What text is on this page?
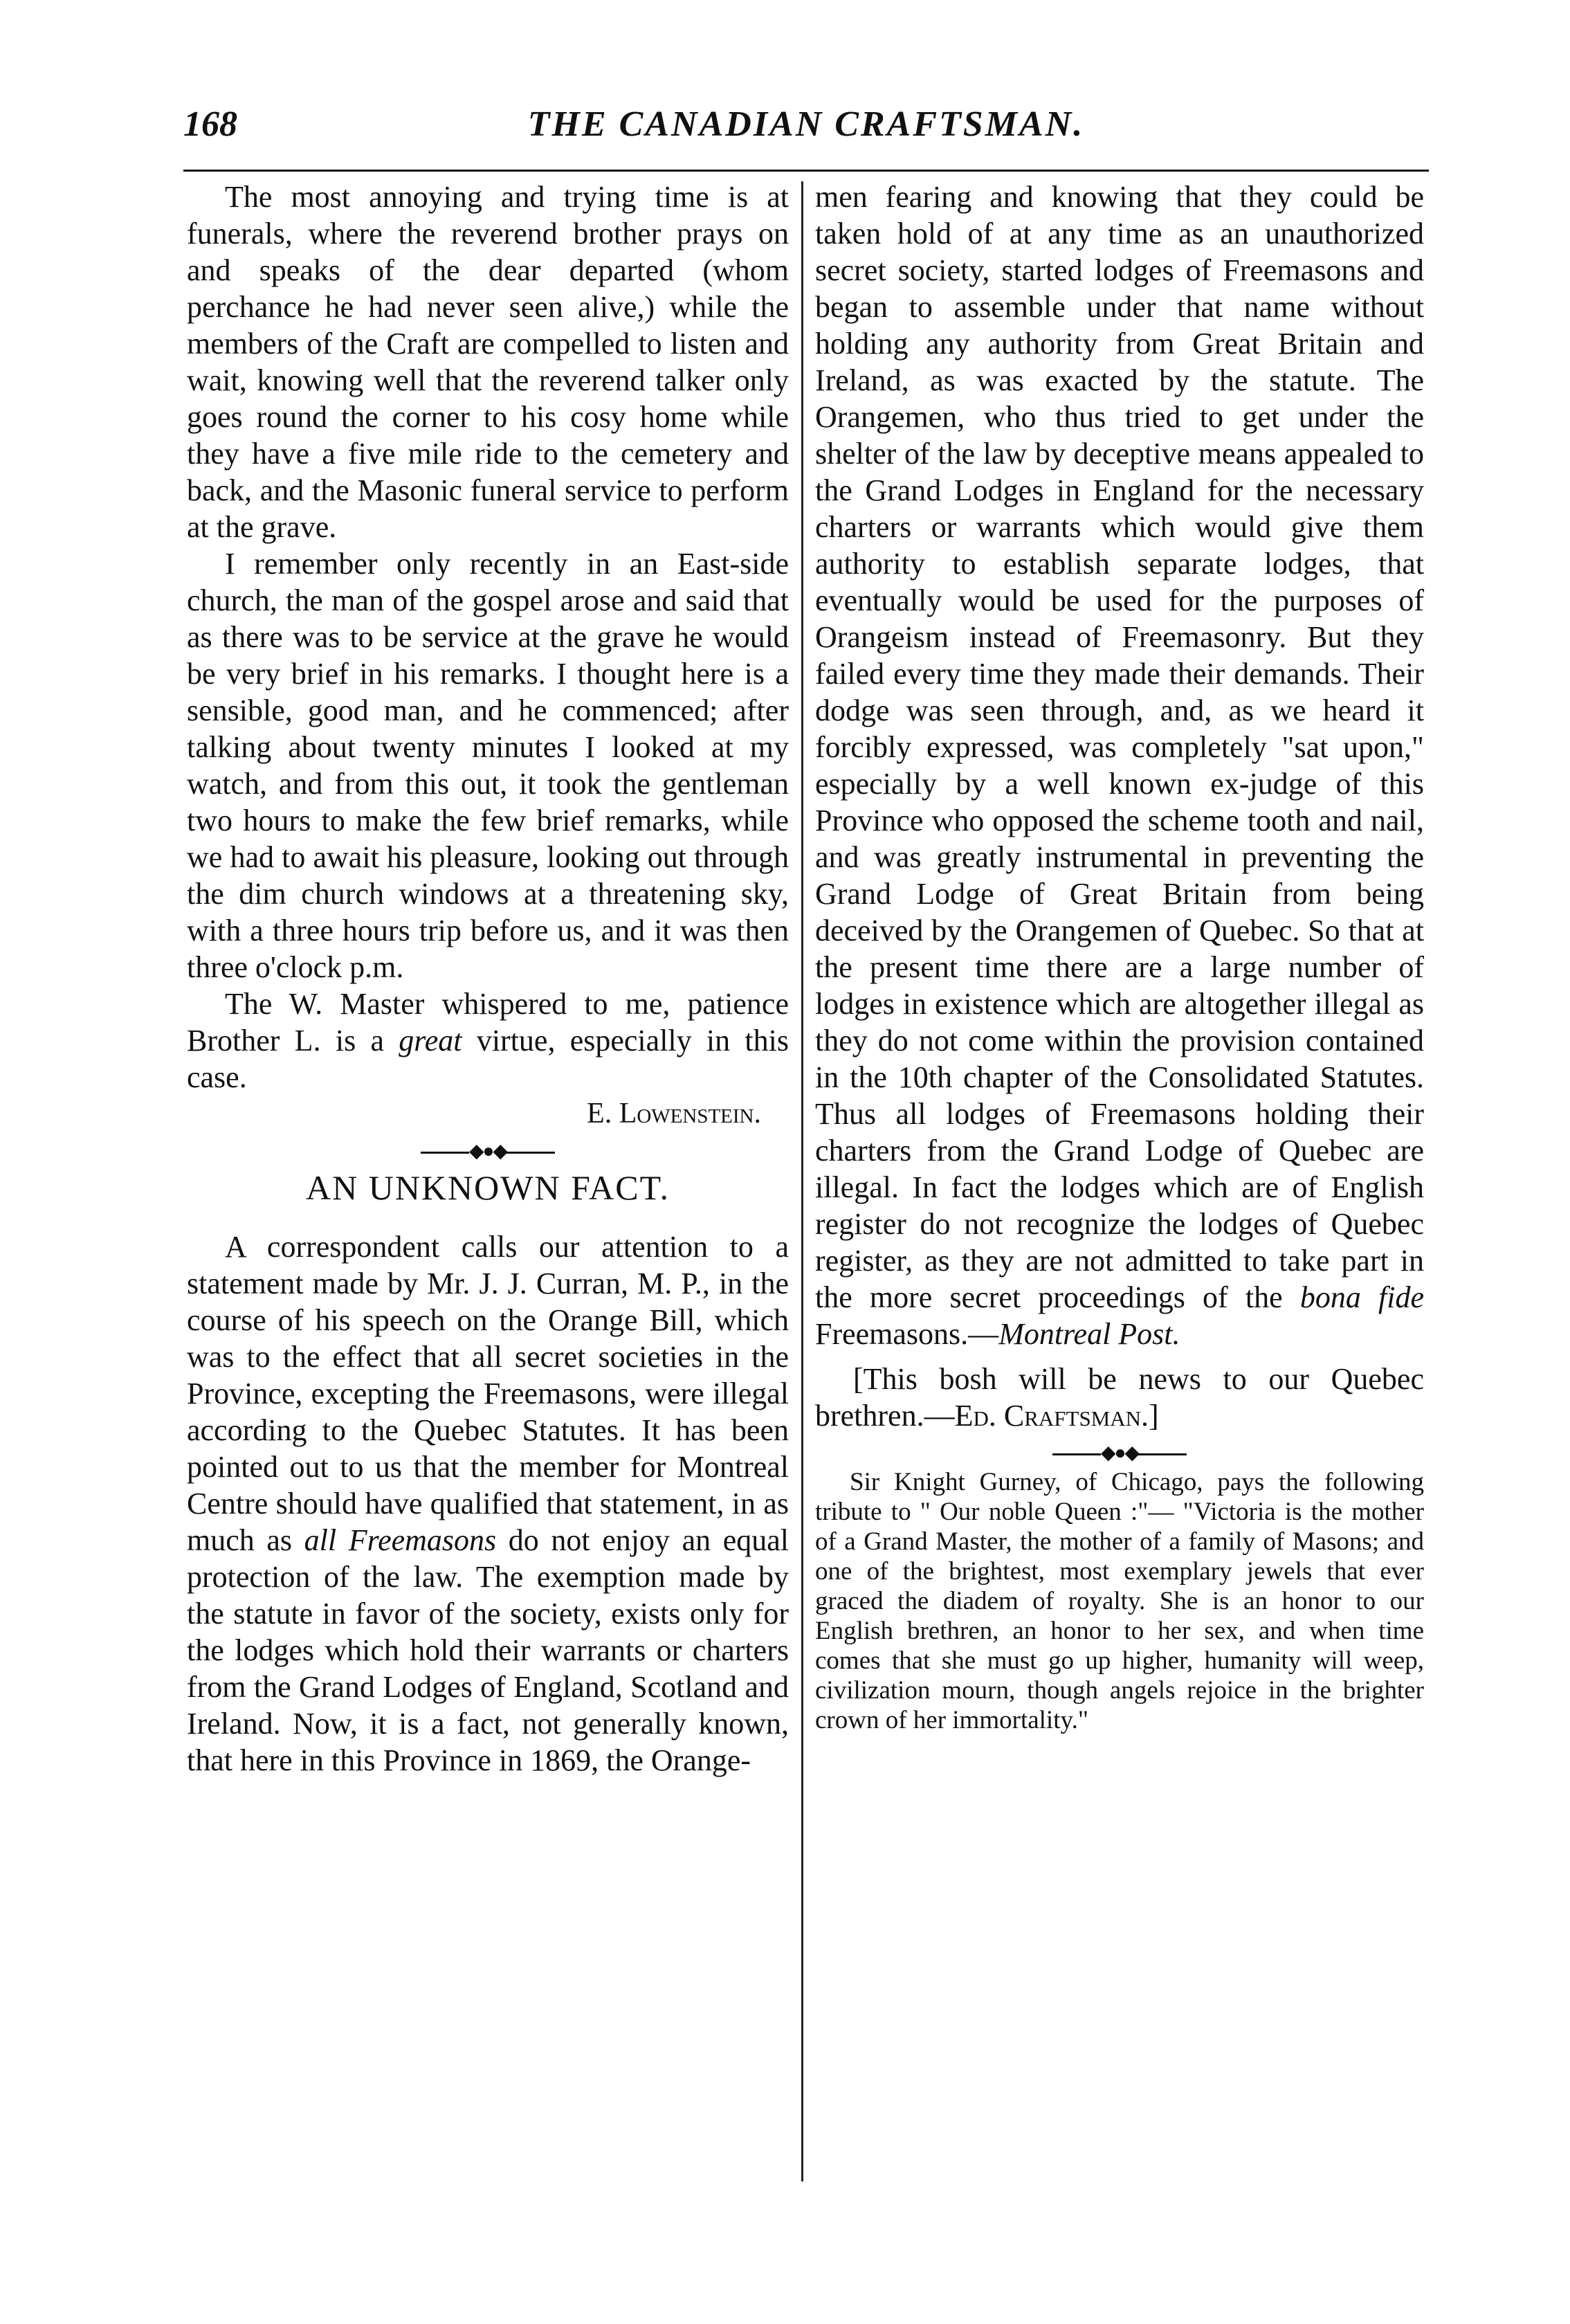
168	THE CANADIAN CRAFTSMAN.

The most annoying and trying time is at funerals, where the reverend brother prays on and speaks of the dear departed (whom perchance he had never seen alive,) while the members of the Craft are compelled to listen and wait, knowing well that the reverend talker only goes round the corner to his cosy home while they have a five mile ride to the cemetery and back, and the Masonic funeral service to perform at the grave.

I remember only recently in an East-side church, the man of the gospel arose and said that as there was to be service at the grave he would be very brief in his remarks. I thought here is a sensible, good man, and he commenced; after talking about twenty minutes I looked at my watch, and from this out, it took the gentleman two hours to make the few brief remarks, while we had to await his pleasure, looking out through the dim church windows at a threatening sky, with a three hours trip before us, and it was then three o'clock p.m.

The W. Master whispered to me, patience Brother L. is a great virtue, especially in this case.

E. Lowenstein.

◆●◆
AN UNKNOWN FACT.

A correspondent calls our attention to a statement made by Mr. J. J. Curran, M. P., in the course of his speech on the Orange Bill, which was to the effect that all secret societies in the Province, excepting the Freemasons, were illegal according to the Quebec Statutes. It has been pointed out to us that the member for Montreal Centre should have qualified that statement, in as much as all Freemasons do not enjoy an equal protection of the law. The exemption made by the statute in favor of the society, exists only for the lodges which hold their warrants or charters from the Grand Lodges of England, Scotland and Ireland. Now, it is a fact, not generally known, that here in this Province in 1869, the Orange-

men fearing and knowing that they could be taken hold of at any time as an unauthorized secret society, started lodges of Freemasons and began to assemble under that name without holding any authority from Great Britain and Ireland, as was exacted by the statute. The Orangemen, who thus tried to get under the shelter of the law by deceptive means appealed to the Grand Lodges in England for the necessary charters or warrants which would give them authority to establish separate lodges, that eventually would be used for the purposes of Orangeism instead of Freemasonry. But they failed every time they made their demands. Their dodge was seen through, and, as we heard it forcibly expressed, was completely "sat upon," especially by a well known ex-judge of this Province who opposed the scheme tooth and nail, and was greatly instrumental in preventing the Grand Lodge of Great Britain from being deceived by the Orangemen of Quebec. So that at the present time there are a large number of lodges in existence which are altogether illegal as they do not come within the provision contained in the 10th chapter of the Consolidated Statutes. Thus all lodges of Freemasons holding their charters from the Grand Lodge of Quebec are illegal. In fact the lodges which are of English register do not recognize the lodges of Quebec register, as they are not admitted to take part in the more secret proceedings of the bona fide Freemasons.—Montreal Post.

[This bosh will be news to our Quebec brethren.—Ed. Craftsman.]

◆●◆

Sir Knight Gurney, of Chicago, pays the following tribute to " Our noble Queen :"— "Victoria is the mother of a Grand Master, the mother of a family of Masons; and one of the brightest, most exemplary jewels that ever graced the diadem of royalty. She is an honor to our English brethren, an honor to her sex, and when time comes that she must go up higher, humanity will weep, civilization mourn, though angels rejoice in the brighter crown of her immortality."
